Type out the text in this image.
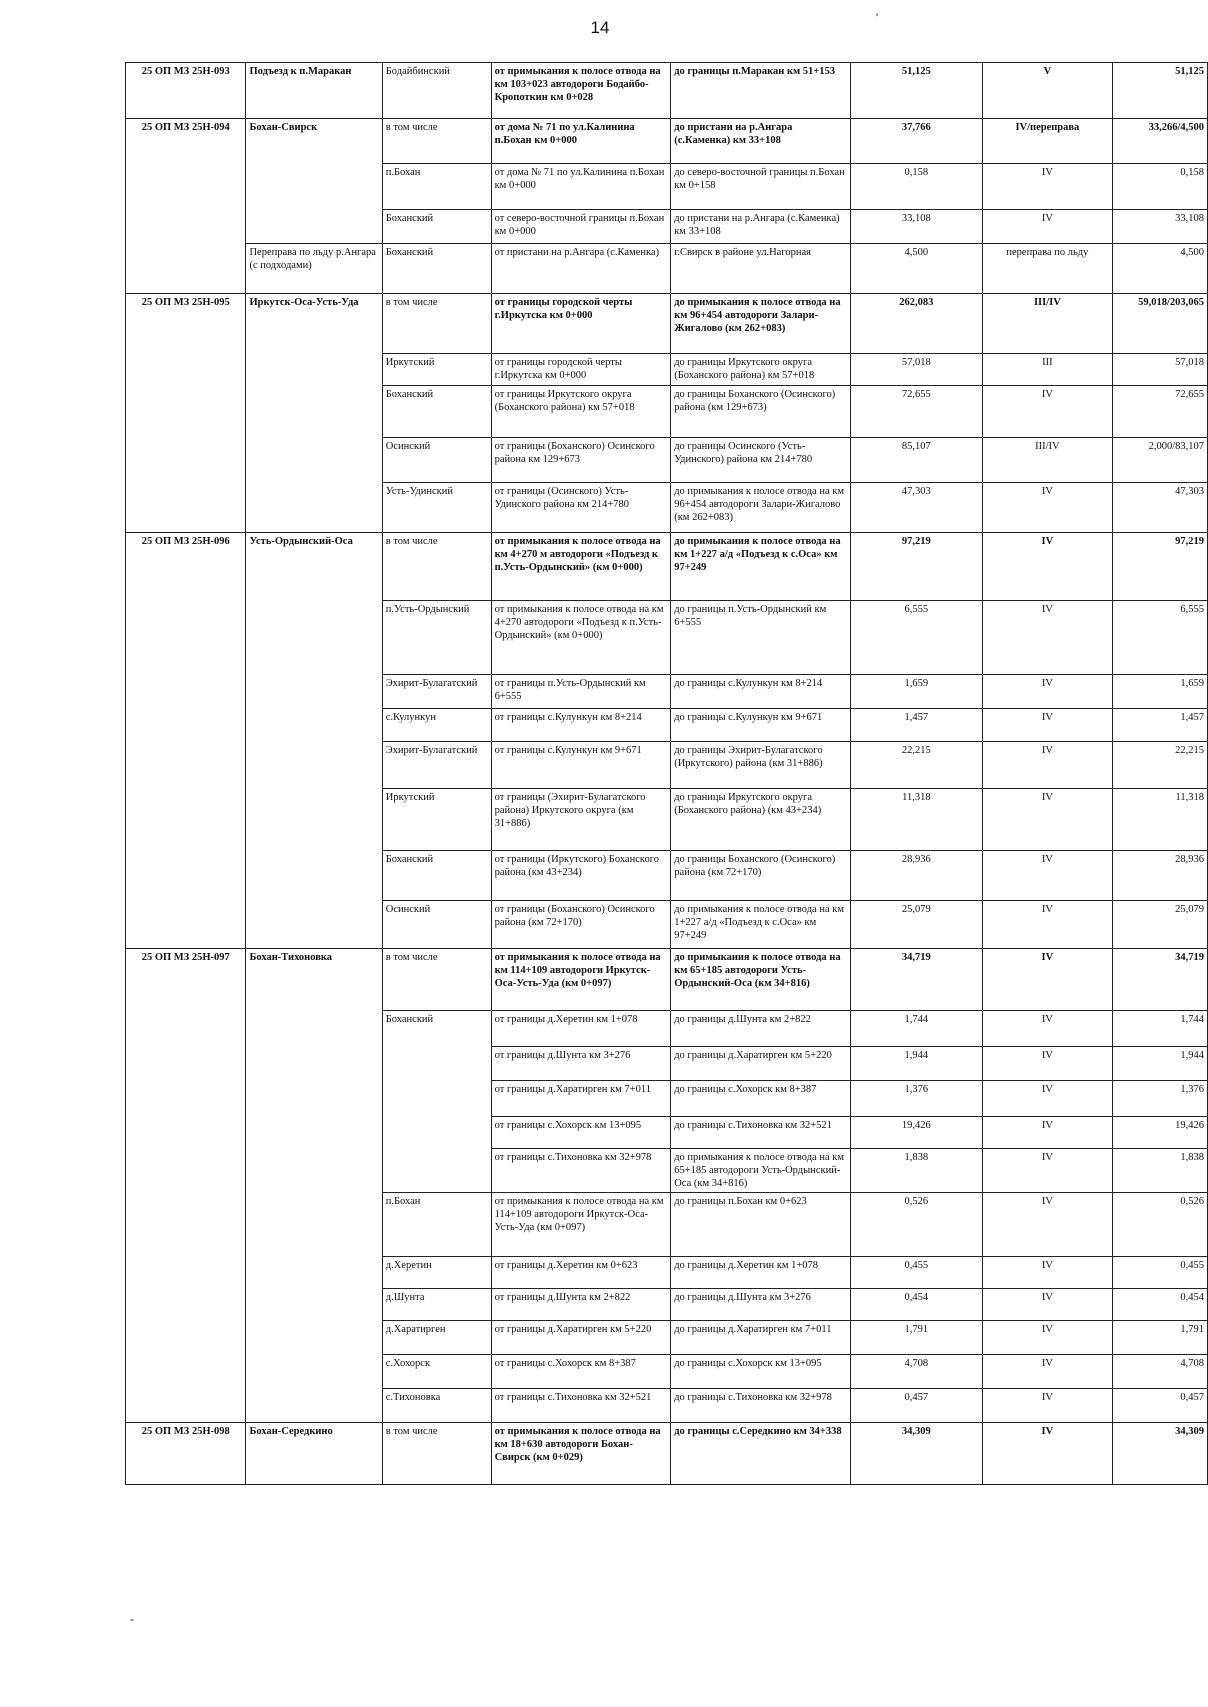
14
'
25 ОП МЗ 25Н-093	Подъезд к п.Маракан	Бодайбинский	от примыкания к полосе отвода на км 103+023 автодороги Бодайбо-Кропоткин км 0+028	до границы п.Маракан км 51+153	51,125	V	51,125
25 ОП МЗ 25Н-094	Бохан-Свирск	в том числе	от дома № 71 по ул.Калинина п.Бохан км 0+000	до пристани на р.Ангара (с.Каменка) км 33+108	37,766	IV/переправа	33,266/4,500
		п.Бохан	от дома № 71 по ул.Калинина п.Бохан км 0+000	до северо-восточной границы п.Бохан км 0+158	0,158	IV	0,158
		Боханский	от северо-восточной границы п.Бохан км 0+000	до пристани на р.Ангара (с.Каменка) км 33+108	33,108	IV	33,108
	Переправа по льду р.Ангара (с подходами)	Боханский	от пристани на р.Ангара (с.Каменка)	г.Свирск в районе ул.Нагорная	4,500	переправа по льду	4,500
25 ОП МЗ 25Н-095	Иркутск-Оса-Усть-Уда	в том числе	от границы городской черты г.Иркутска км 0+000	до примыкания к полосе отвода на км 96+454 автодороги Залари-Жигалово (км 262+083)	262,083	III/IV	59,018/203,065
		Иркутский	от границы городской черты г.Иркутска км 0+000	до границы Иркутского округа (Боханского района) км 57+018	57,018	III	57,018
		Боханский	от границы Иркутского округа (Боханского района) км 57+018	до границы Боханского (Осинского) района (км 129+673)	72,655	IV	72,655
		Осинский	от границы (Боханского) Осинского района км 129+673	до границы Осинского (Усть-Удинского) района км 214+780	85,107	III/IV	2,000/83,107
		Усть-Удинский	от границы (Осинского) Усть-Удинского района км 214+780	до примыкания к полосе отвода на км 96+454 автодороги Залари-Жигалово (км 262+083)	47,303	IV	47,303
25 ОП МЗ 25Н-096	Усть-Ордынский-Оса	в том числе	от примыкания к полосе отвода на км 4+270 м автодороги «Подъезд к п.Усть-Ордынский» (км 0+000)	до примыкания к полосе отвода на км 1+227 а/д «Подъезд к с.Оса» км 97+249	97,219	IV	97,219
		п.Усть-Ордынский	от примыкания к полосе отвода на км 4+270 автодороги «Подъезд к п.Усть-Ордынский» (км 0+000)	до границы п.Усть-Ордынский км 6+555	6,555	IV	6,555
		Эхирит-Булагатский	от границы п.Усть-Ордынский км 6+555	до границы с.Кулункун км 8+214	1,659	IV	1,659
		с.Кулункун	от границы с.Кулункун км 8+214	до границы с.Кулункун км 9+671	1,457	IV	1,457
		Эхирит-Булагатский	от границы с.Кулункун км 9+671	до границы Эхирит-Булагатского (Иркутского) района (км 31+886)	22,215	IV	22,215
		Иркутский	от границы (Эхирит-Булагатского района) Иркутского округа (км 31+886)	до границы Иркутского округа (Боханского района) (км 43+234)	11,318	IV	11,318
		Боханский	от границы (Иркутского) Боханского района (км 43+234)	до границы Боханского (Осинского) района (км 72+170)	28,936	IV	28,936
		Осинский	от границы (Боханского) Осинского района (км 72+170)	до примыкания к полосе отвода на км 1+227 а/д «Подъезд к с.Оса» км 97+249	25,079	IV	25,079
25 ОП МЗ 25Н-097	Бохан-Тихоновка	в том числе	от примыкания к полосе отвода на км 114+109 автодороги Иркутск-Оса-Усть-Уда (км 0+097)	до примыкания к полосе отвода на км 65+185 автодороги Усть-Ордынский-Оса (км 34+816)	34,719	IV	34,719
		Боханский	от границы д.Херетин км 1+078	до границы д.Шунта км 2+822	1,744	IV	1,744
			от границы д.Шунта км 3+276	до границы д.Харатирген км 5+220	1,944	IV	1,944
			от границы д.Харатирген км 7+011	до границы с.Хохорск км 8+387	1,376	IV	1,376
			от границы с.Хохорск км 13+095	до границы с.Тихоновка км 32+521	19,426	IV	19,426
			от границы с.Тихоновка км 32+978	до примыкания к полосе отвода на км 65+185 автодороги Усть-Ордынский-Оса (км 34+816)	1,838	IV	1,838
		п.Бохан	от примыкания к полосе отвода на км 114+109 автодороги Иркутск-Оса-Усть-Уда (км 0+097)	до границы п.Бохан км 0+623	0,526	IV	0,526
		д.Херетин	от границы д.Херетин км 0+623	до границы д.Херетин км 1+078	0,455	IV	0,455
		д.Шунта	от границы д.Шунта км 2+822	до границы д.Шунта км 3+276	0,454	IV	0,454
		д.Харатирген	от границы д.Харатирген км 5+220	до границы д.Харатирген км 7+011	1,791	IV	1,791
		с.Хохорск	от границы с.Хохорск км 8+387	до границы с.Хохорск км 13+095	4,708	IV	4,708
		с.Тихоновка	от границы с.Тихоновка км 32+521	до границы с.Тихоновка км 32+978	0,457	IV	0,457
25 ОП МЗ 25Н-098	Бохан-Середкино	в том числе	от примыкания к полосе отвода на км 18+630 автодороги Бохан-Свирск (км 0+029)	до границы с.Середкино км 34+338	34,309	IV	34,309
-
